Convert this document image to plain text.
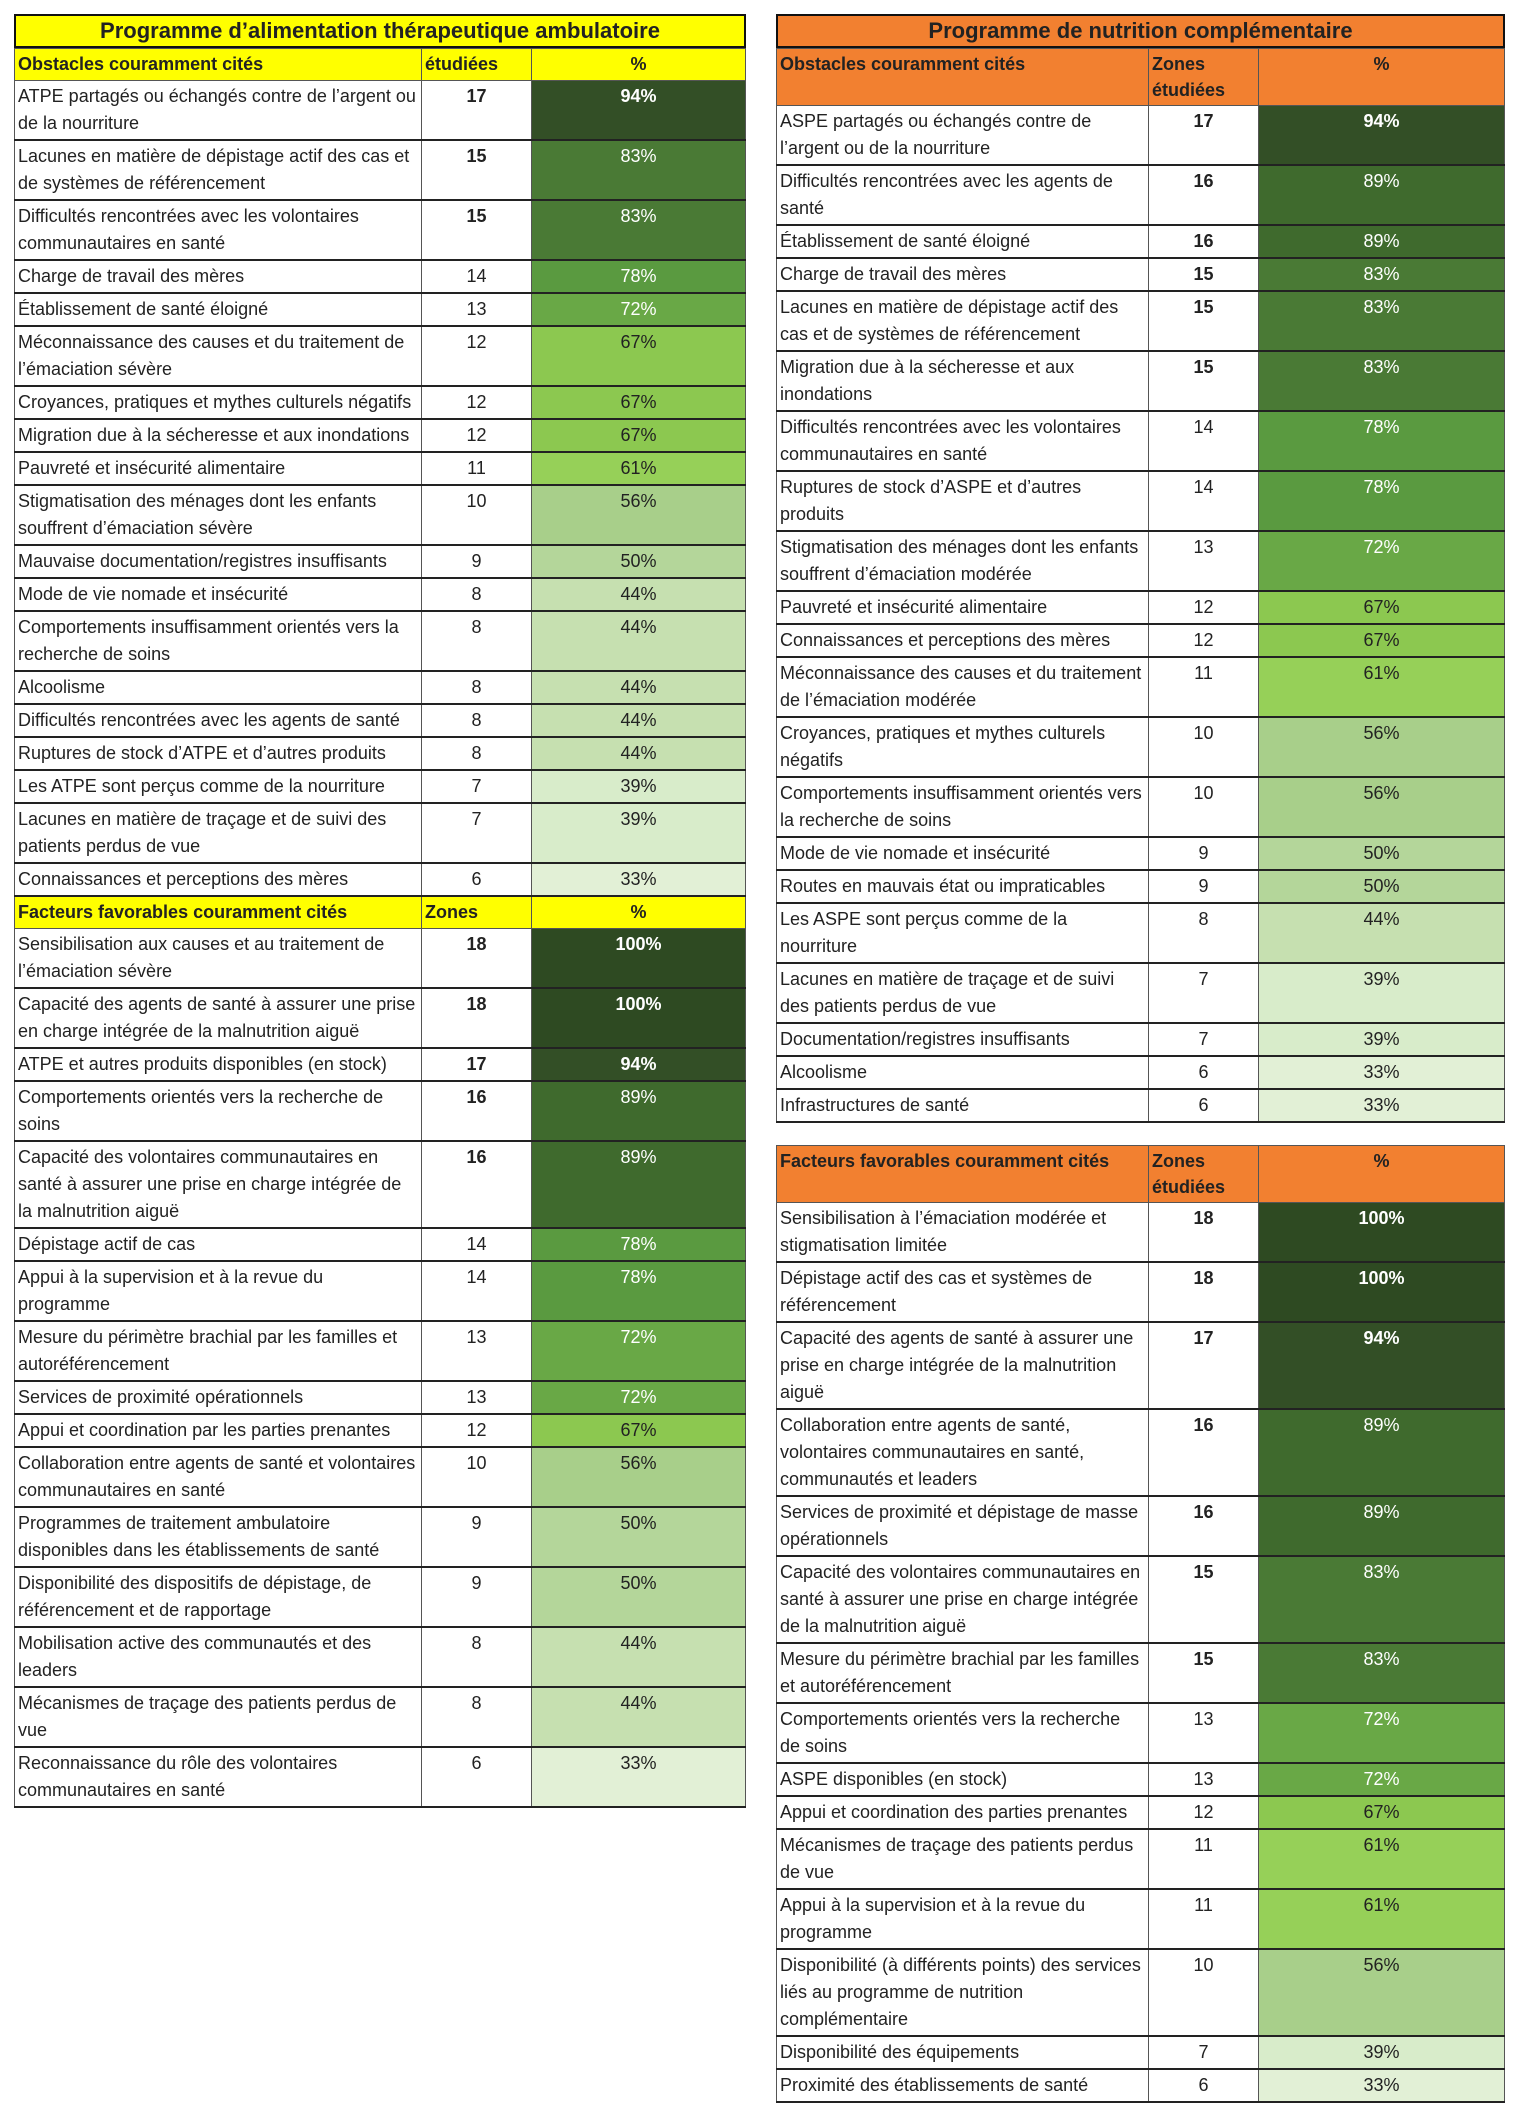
Programme d’alimentation thérapeutique ambulatoire
Obstacles couramment cités	étudiées	%
ATPE partagés ou échangés contre de l’argent ou de la nourriture	17	94%
Lacunes en matière de dépistage actif des cas et de systèmes de référencement	15	83%
Difficultés rencontrées avec les volontaires communautaires en santé	15	83%
Charge de travail des mères	14	78%
Établissement de santé éloigné	13	72%
Méconnaissance des causes et du traitement de l’émaciation sévère	12	67%
Croyances, pratiques et mythes culturels négatifs	12	67%
Migration due à la sécheresse et aux inondations	12	67%
Pauvreté et insécurité alimentaire	11	61%
Stigmatisation des ménages dont les enfants souffrent d’émaciation sévère	10	56%
Mauvaise documentation/registres insuffisants	9	50%
Mode de vie nomade et insécurité	8	44%
Comportements insuffisamment orientés vers la recherche de soins	8	44%
Alcoolisme	8	44%
Difficultés rencontrées avec les agents de santé	8	44%
Ruptures de stock d’ATPE et d’autres produits	8	44%
Les ATPE sont perçus comme de la nourriture	7	39%
Lacunes en matière de traçage et de suivi des patients perdus de vue	7	39%
Connaissances et perceptions des mères	6	33%
Facteurs favorables couramment cités	Zones	%
Sensibilisation aux causes et au traitement de l’émaciation sévère	18	100%
Capacité des agents de santé à assurer une prise en charge intégrée de la malnutrition aiguë	18	100%
ATPE et autres produits disponibles (en stock)	17	94%
Comportements orientés vers la recherche de soins	16	89%
Capacité des volontaires communautaires en santé à assurer une prise en charge intégrée de la malnutrition aiguë	16	89%
Dépistage actif de cas	14	78%
Appui à la supervision et à la revue du programme	14	78%
Mesure du périmètre brachial par les familles et autoréférencement	13	72%
Services de proximité opérationnels	13	72%
Appui et coordination par les parties prenantes	12	67%
Collaboration entre agents de santé et volontaires communautaires en santé	10	56%
Programmes de traitement ambulatoire disponibles dans les établissements de santé	9	50%
Disponibilité des dispositifs de dépistage, de référencement et de rapportage	9	50%
Mobilisation active des communautés et des leaders	8	44%
Mécanismes de traçage des patients perdus de vue	8	44%
Reconnaissance du rôle des volontaires communautaires en santé	6	33%
Programme de nutrition complémentaire
Obstacles couramment cités	Zones étudiées	%
ASPE partagés ou échangés contre de l’argent ou de la nourriture	17	94%
Difficultés rencontrées avec les agents de santé	16	89%
Établissement de santé éloigné	16	89%
Charge de travail des mères	15	83%
Lacunes en matière de dépistage actif des cas et de systèmes de référencement	15	83%
Migration due à la sécheresse et aux inondations	15	83%
Difficultés rencontrées avec les volontaires communautaires en santé	14	78%
Ruptures de stock d’ASPE et d’autres produits	14	78%
Stigmatisation des ménages dont les enfants souffrent d’émaciation modérée	13	72%
Pauvreté et insécurité alimentaire	12	67%
Connaissances et perceptions des mères	12	67%
Méconnaissance des causes et du traitement de l’émaciation modérée	11	61%
Croyances, pratiques et mythes culturels négatifs	10	56%
Comportements insuffisamment orientés vers la recherche de soins	10	56%
Mode de vie nomade et insécurité	9	50%
Routes en mauvais état ou impraticables	9	50%
Les ASPE sont perçus comme de la nourriture	8	44%
Lacunes en matière de traçage et de suivi des patients perdus de vue	7	39%
Documentation/registres insuffisants	7	39%
Alcoolisme	6	33%
Infrastructures de santé	6	33%

Facteurs favorables couramment cités	Zones étudiées	%
Sensibilisation à l’émaciation modérée et stigmatisation limitée	18	100%
Dépistage actif des cas et systèmes de référencement	18	100%
Capacité des agents de santé à assurer une prise en charge intégrée de la malnutrition aiguë	17	94%
Collaboration entre agents de santé, volontaires communautaires en santé, communautés et leaders	16	89%
Services de proximité et dépistage de masse opérationnels	16	89%
Capacité des volontaires communautaires en santé à assurer une prise en charge intégrée de la malnutrition aiguë	15	83%
Mesure du périmètre brachial par les familles et autoréférencement	15	83%
Comportements orientés vers la recherche de soins	13	72%
ASPE disponibles (en stock)	13	72%
Appui et coordination des parties prenantes	12	67%
Mécanismes de traçage des patients perdus de vue	11	61%
Appui à la supervision et à la revue du programme	11	61%
Disponibilité (à différents points) des services liés au programme de nutrition complémentaire	10	56%
Disponibilité des équipements	7	39%
Proximité des établissements de santé	6	33%
